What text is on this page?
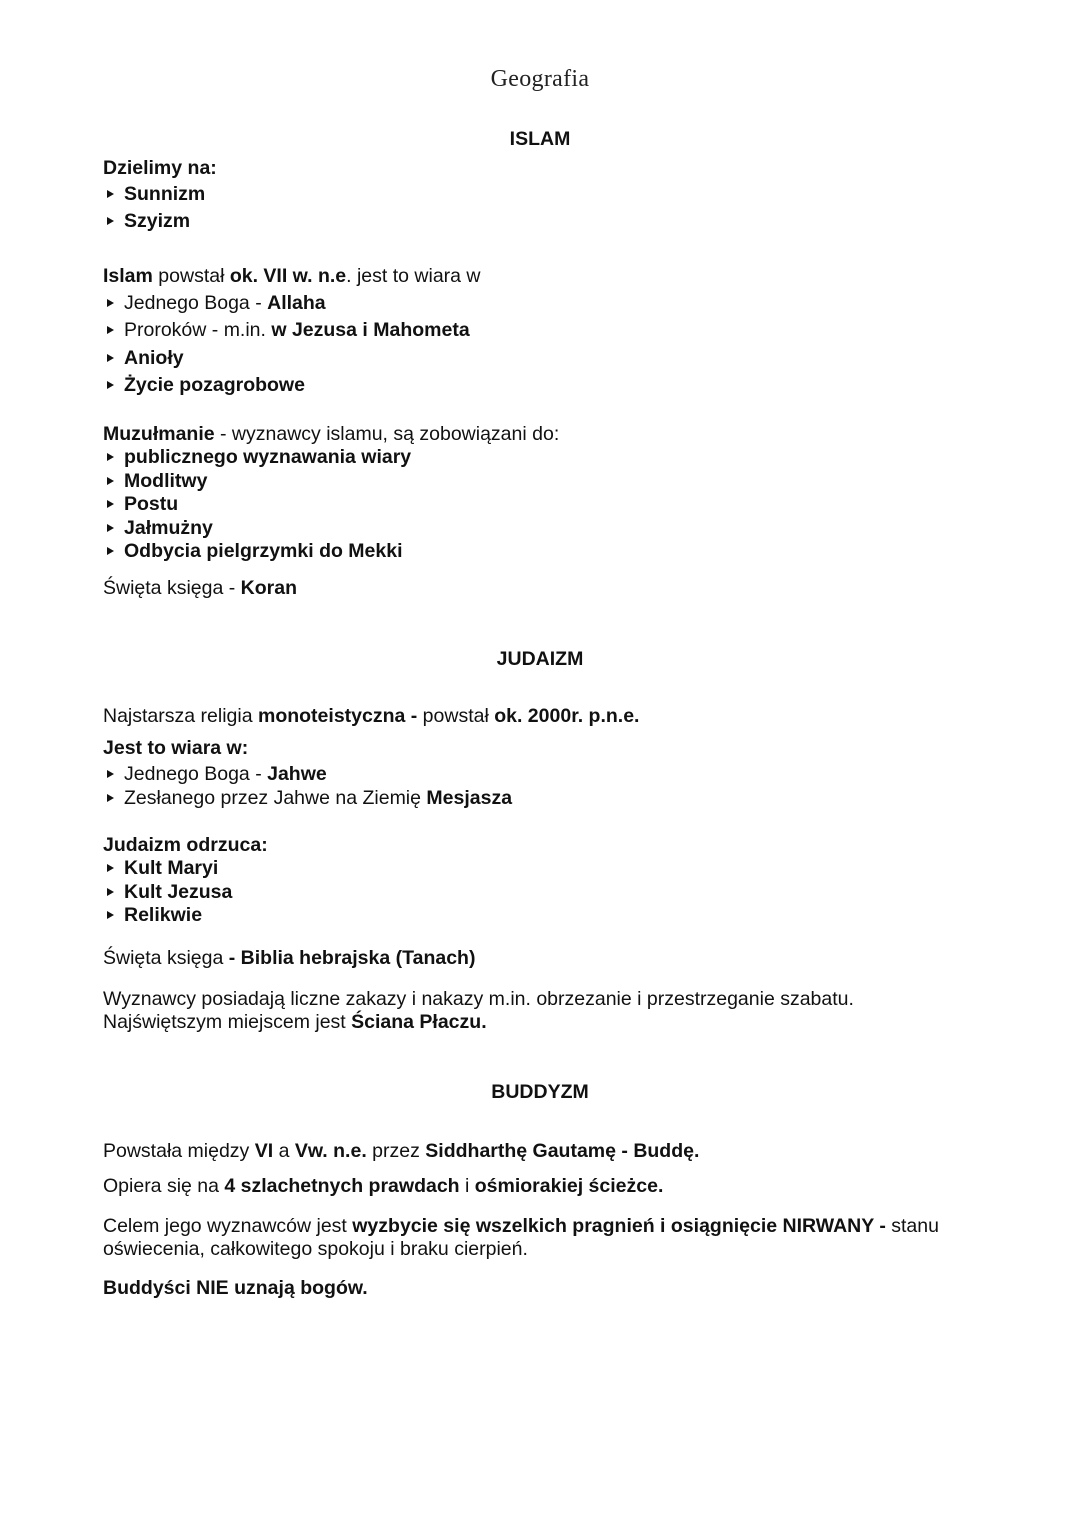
Geografia
ISLAM
Dzielimy na:
Sunnizm
Szyizm
Islam powstał ok. VII w. n.e. jest to wiara w
Jednego Boga - Allaha
Proroków - m.in. w Jezusa i Mahometa
Anioły
Życie pozagrobowe
Muzułmanie - wyznawcy islamu, są zobowiązani do:
publicznego wyznawania wiary
Modlitwy
Postu
Jałmużny
Odbycia pielgrzymki do Mekki
Święta księga - Koran
JUDAIZM
Najstarsza religia monoteistyczna - powstał ok. 2000r. p.n.e.
Jest to wiara w:
Jednego Boga - Jahwe
Zesłanego przez Jahwe na Ziemię Mesjasza
Judaizm odrzuca:
Kult Maryi
Kult Jezusa
Relikwie
Święta księga - Biblia hebrajska (Tanach)
Wyznawcy posiadają liczne zakazy i nakazy m.in. obrzezanie i przestrzeganie szabatu.
Najświętszym miejscem jest Ściana Płaczu.
BUDDYZM
Powstała między VI a Vw. n.e. przez Siddharthę Gautamę - Buddę.
Opiera się na 4 szlachetnych prawdach i ośmiorakiej ścieżce.
Celem jego wyznawców jest wyzbycie się wszelkich pragnień i osiągnięcie NIRWANY - stanu
oświecenia, całkowitego spokoju i braku cierpień.
Buddyści NIE uznają bogów.
